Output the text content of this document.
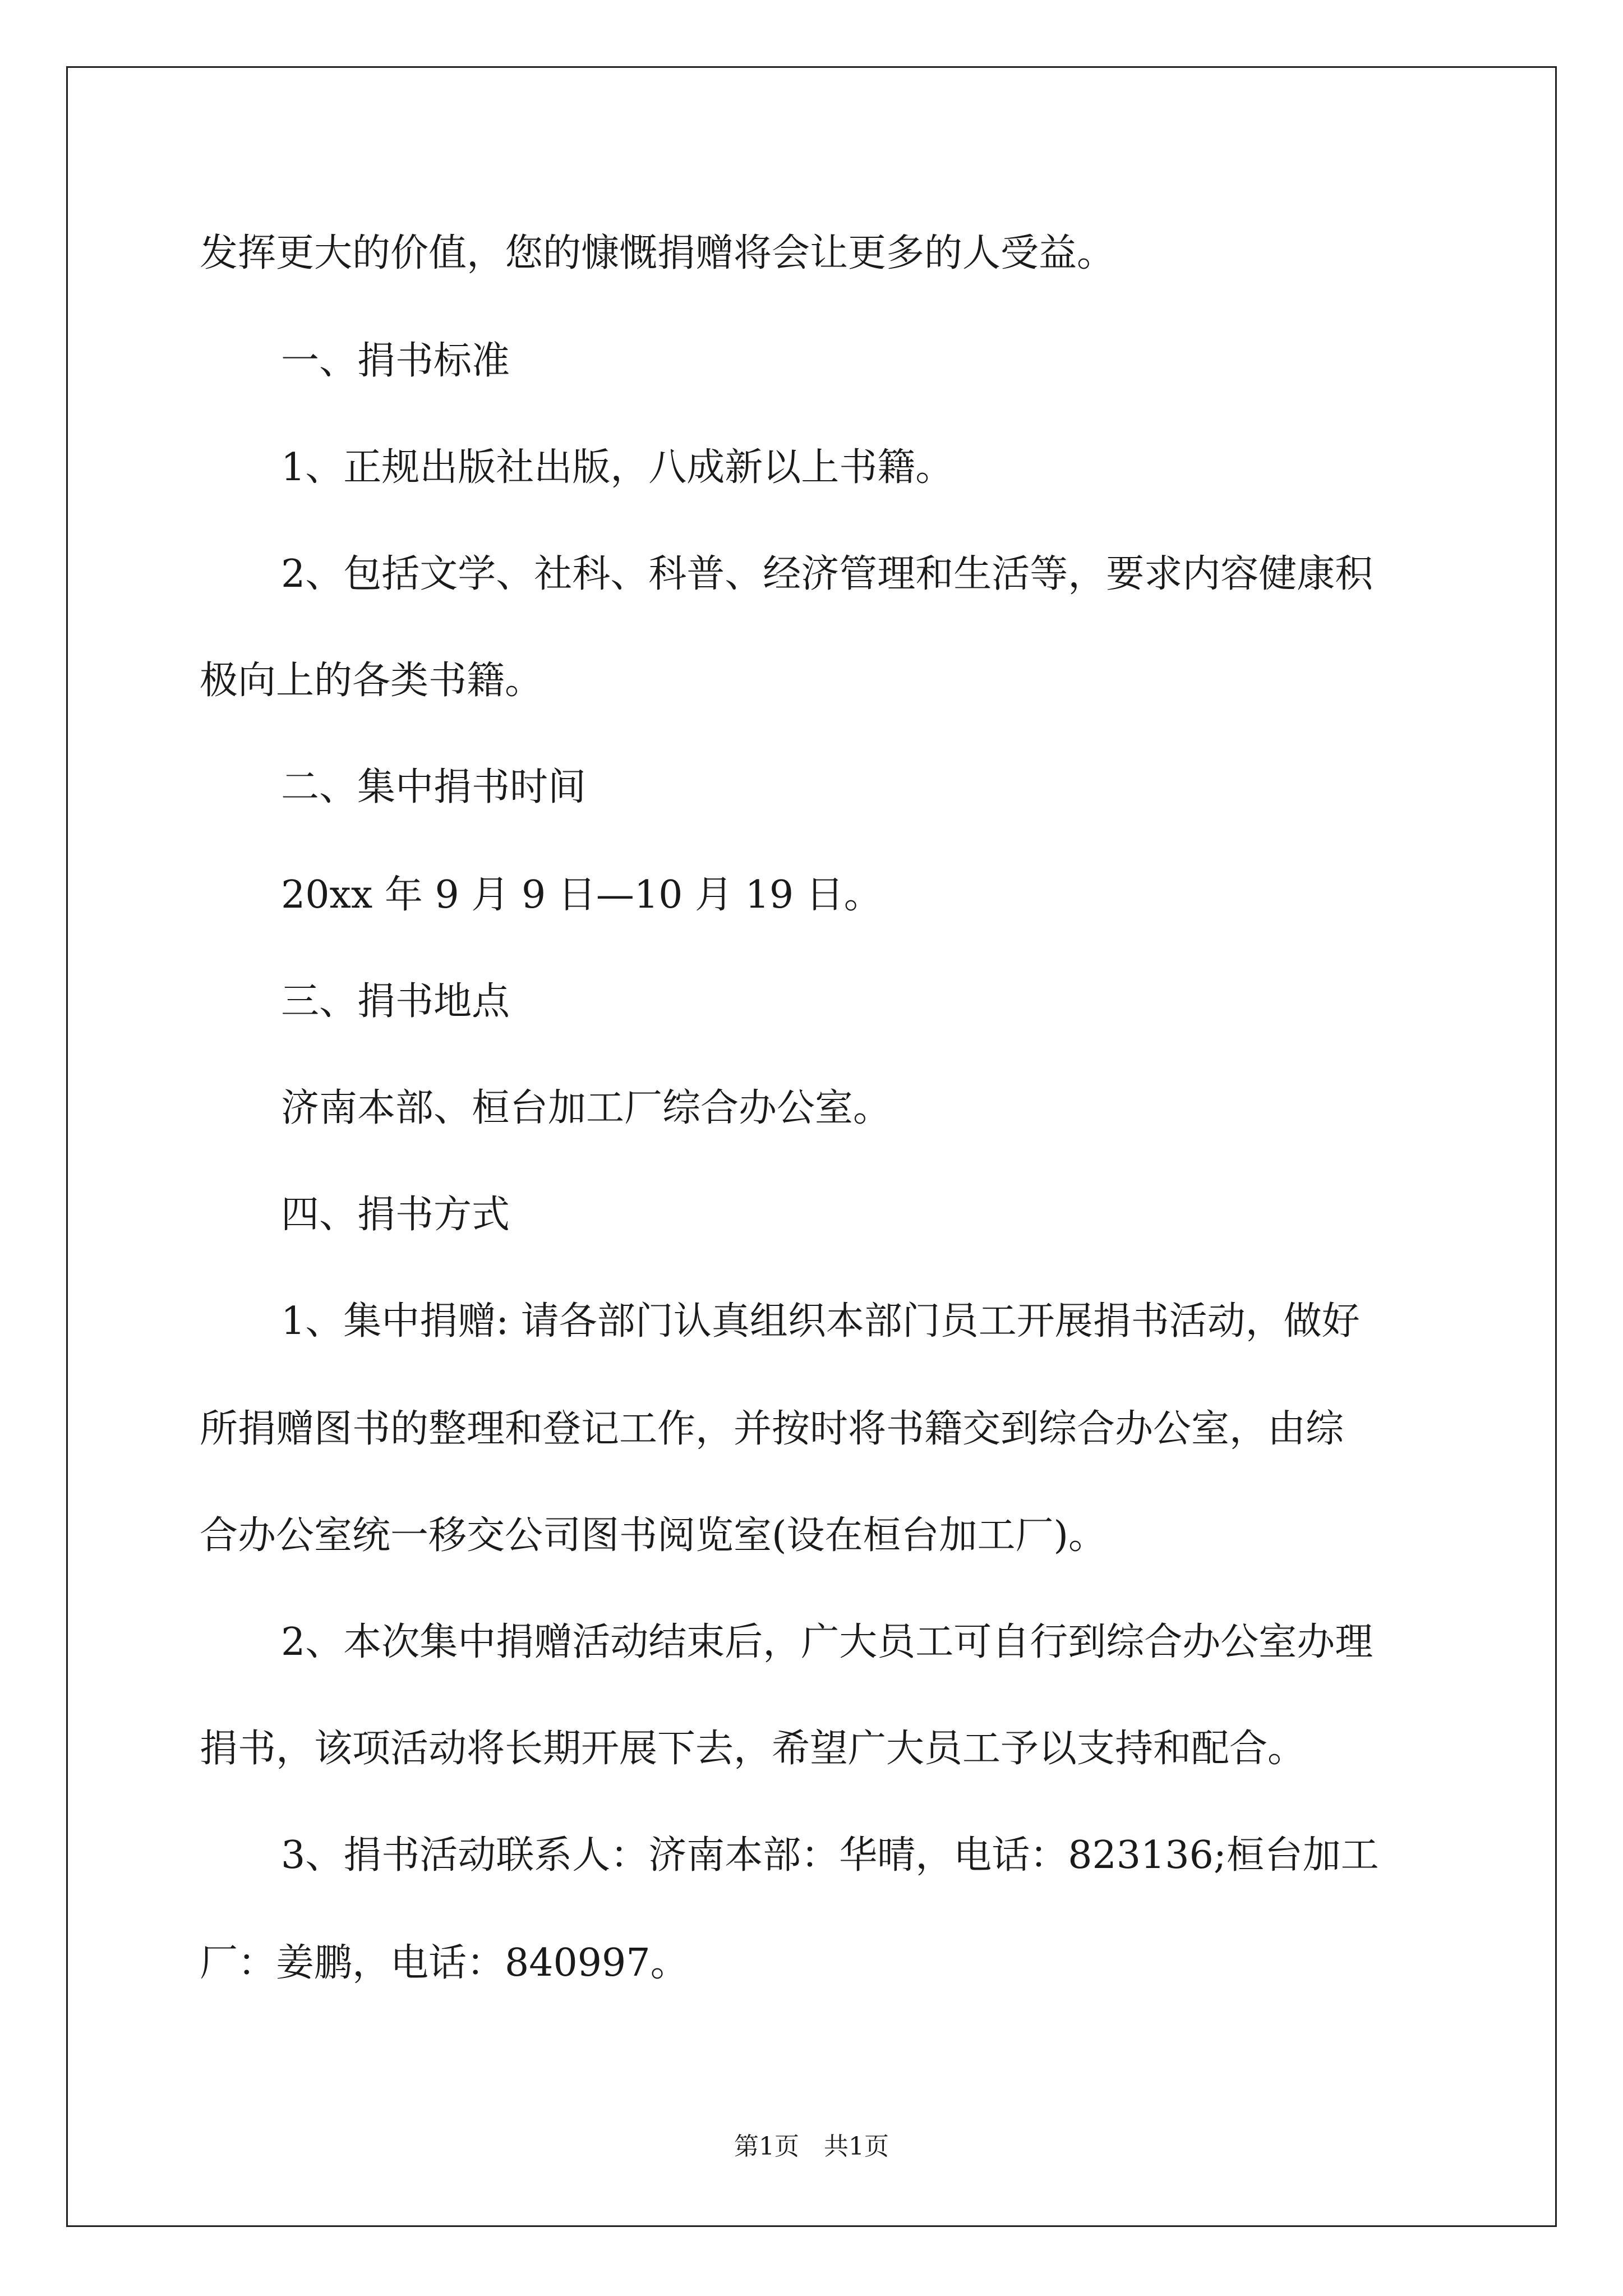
发挥更大的价值，您的慷慨捐赠将会让更多的人受益。
一、捐书标准
1、正规出版社出版，八成新以上书籍。
2、包括文学、社科、科普、经济管理和生活等，要求内容健康积
极向上的各类书籍。
二、集中捐书时间
20xx 年 9 月 9 日—10 月 19 日。
三、捐书地点
济南本部、桓台加工厂综合办公室。
四、捐书方式
1、集中捐赠: 请各部门认真组织本部门员工开展捐书活动，做好
所捐赠图书的整理和登记工作，并按时将书籍交到综合办公室，由综
合办公室统一移交公司图书阅览室(设在桓台加工厂)。
2、本次集中捐赠活动结束后，广大员工可自行到综合办公室办理
捐书，该项活动将长期开展下去，希望广大员工予以支持和配合。
3、捐书活动联系人：济南本部：华晴，电话：823136;桓台加工
厂：姜鹏，电话：840997。
第1页　共1页
